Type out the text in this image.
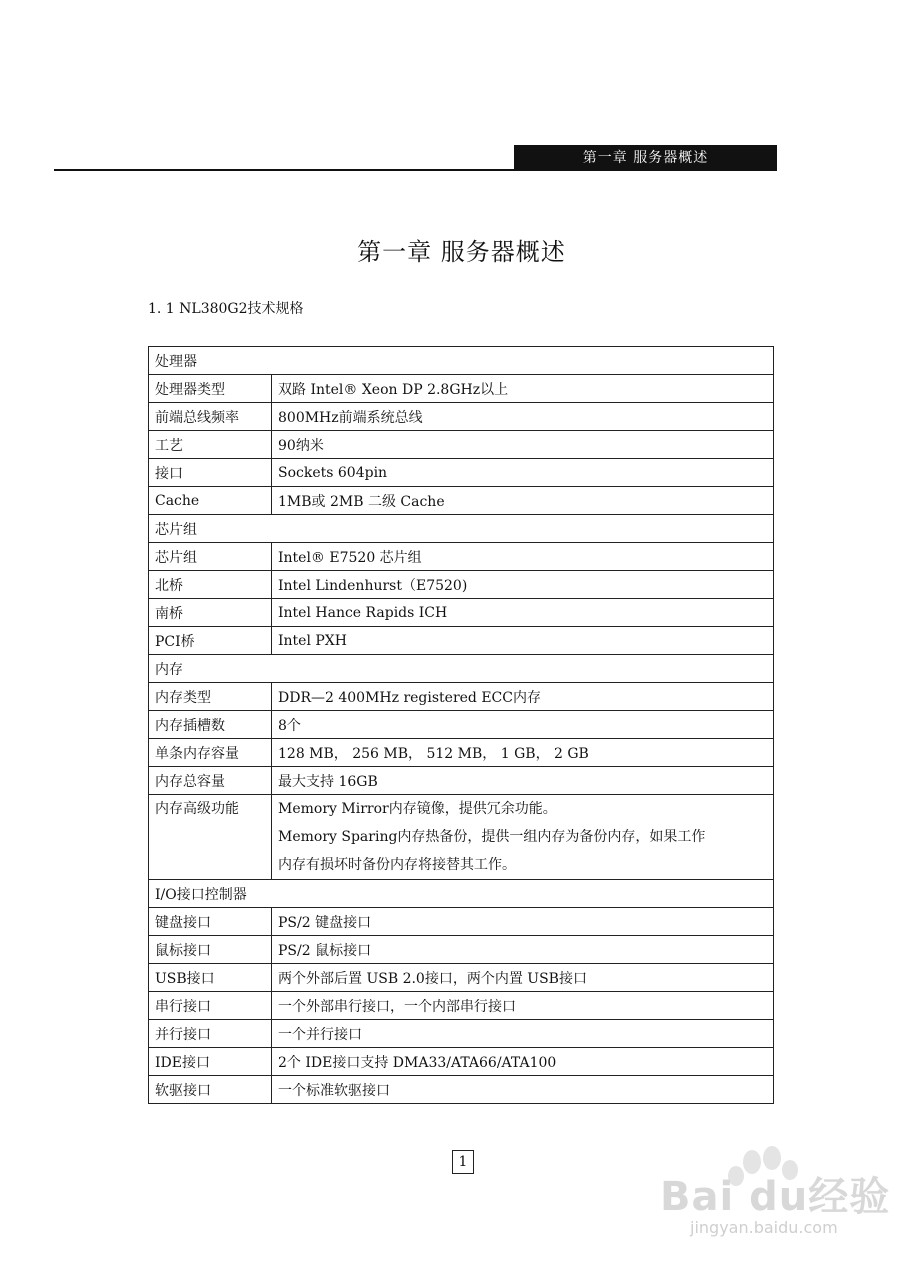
第一章 服务器概述
第一章 服务器概述
1. 1 NL380G2技术规格
处理器	
处理器类型	双路 Intel® Xeon DP 2.8GHz以上
前端总线频率	800MHz前端系统总线
工艺	90纳米
接口	Sockets 604pin
Cache	1MB或 2MB 二级 Cache
芯片组	
芯片组	Intel® E7520 芯片组
北桥	Intel Lindenhurst（E7520)
南桥	Intel Hance Rapids ICH
PCI桥	Intel PXH
内存	
内存类型	DDR—2 400MHz registered ECC内存
内存插槽数	8个
单条内存容量	128 MB， 256 MB， 512 MB， 1 GB， 2 GB
内存总容量	最大支持 16GB
内存高级功能	Memory Mirror内存镜像，提供冗余功能。
Memory Sparing内存热备份，提供一组内存为备份内存，如果工作
内存有损坏时备份内存将接替其工作。

I/O接口控制器	
键盘接口	PS/2 键盘接口
鼠标接口	PS/2 鼠标接口
USB接口	两个外部后置 USB 2.0接口，两个内置 USB接口
串行接口	一个外部串行接口，一个内部串行接口
并行接口	一个并行接口
IDE接口	2个 IDE接口支持 DMA33/ATA66/ATA100
软驱接口	一个标准软驱接口
1
Bai du经验
jingyan.baidu.com
